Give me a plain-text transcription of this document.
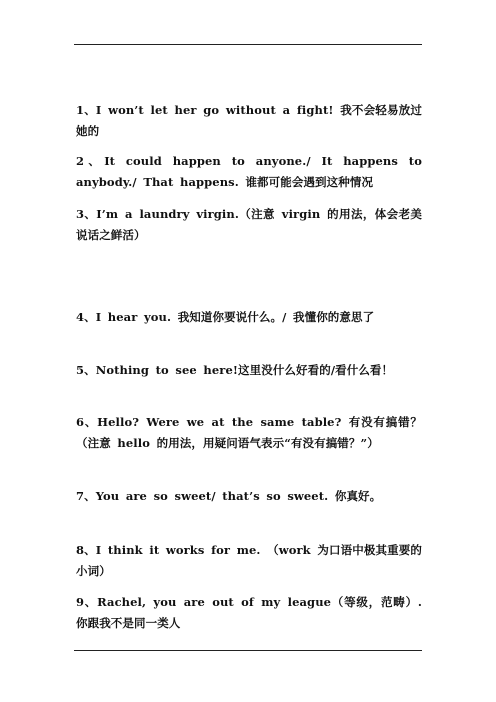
1、I won’t let her go without a fight! 我不会轻易放过她的

2、It could happen to anyone./ It happens to anybody./ That happens. 谁都可能会遇到这种情况

3、I’m a laundry virgin.（注意 virgin 的用法，体会老美说话之鲜活）

4、I hear you. 我知道你要说什么。/ 我懂你的意思了

5、Nothing to see here!这里没什么好看的/看什么看！

6、Hello? Were we at the same table? 有没有搞错？（注意 hello 的用法，用疑问语气表示“有没有搞错？”）

7、You are so sweet/ that’s so sweet. 你真好。

8、I think it works for me. （work 为口语中极其重要的小词）

9、Rachel, you are out of my league（等级，范畴）. 你跟我不是同一类人
